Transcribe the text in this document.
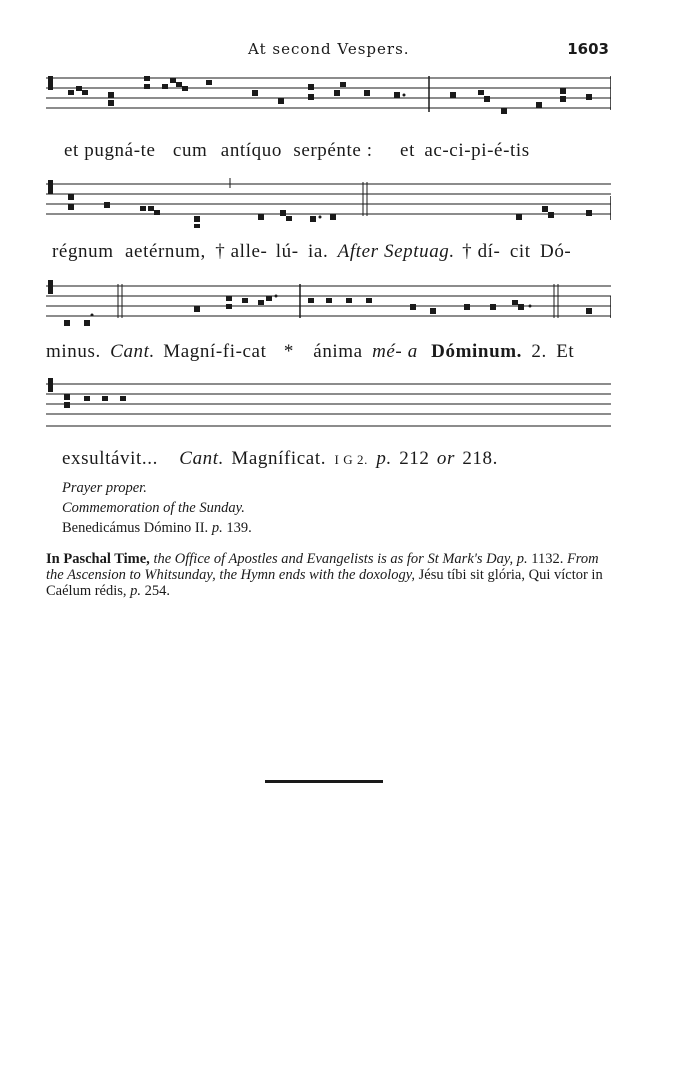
At second Vespers.	1603
et pugná-te cum antíquo serpénte : et ac-ci-pi-é-tis
régnum aetérnum, † alle- lú- ia. After Septuag. † dí- cit Dó-
minus. Cant. Magní-fi-cat * ánima mé- a Dóminum. 2. Et
exsultávit... Cant. Magníficat. I G 2. p. 212 or 218.
Prayer proper.
Commemoration of the Sunday.
Benedicámus Dómino II. p. 139.
In Paschal Time, the Office of Apostles and Evangelists is as for St Mark's Day, p. 1132. From the Ascension to Whitsunday, the Hymn ends with the doxology, Jésu tíbi sit glória, Qui víctor in Caélum rédis, p. 254.
